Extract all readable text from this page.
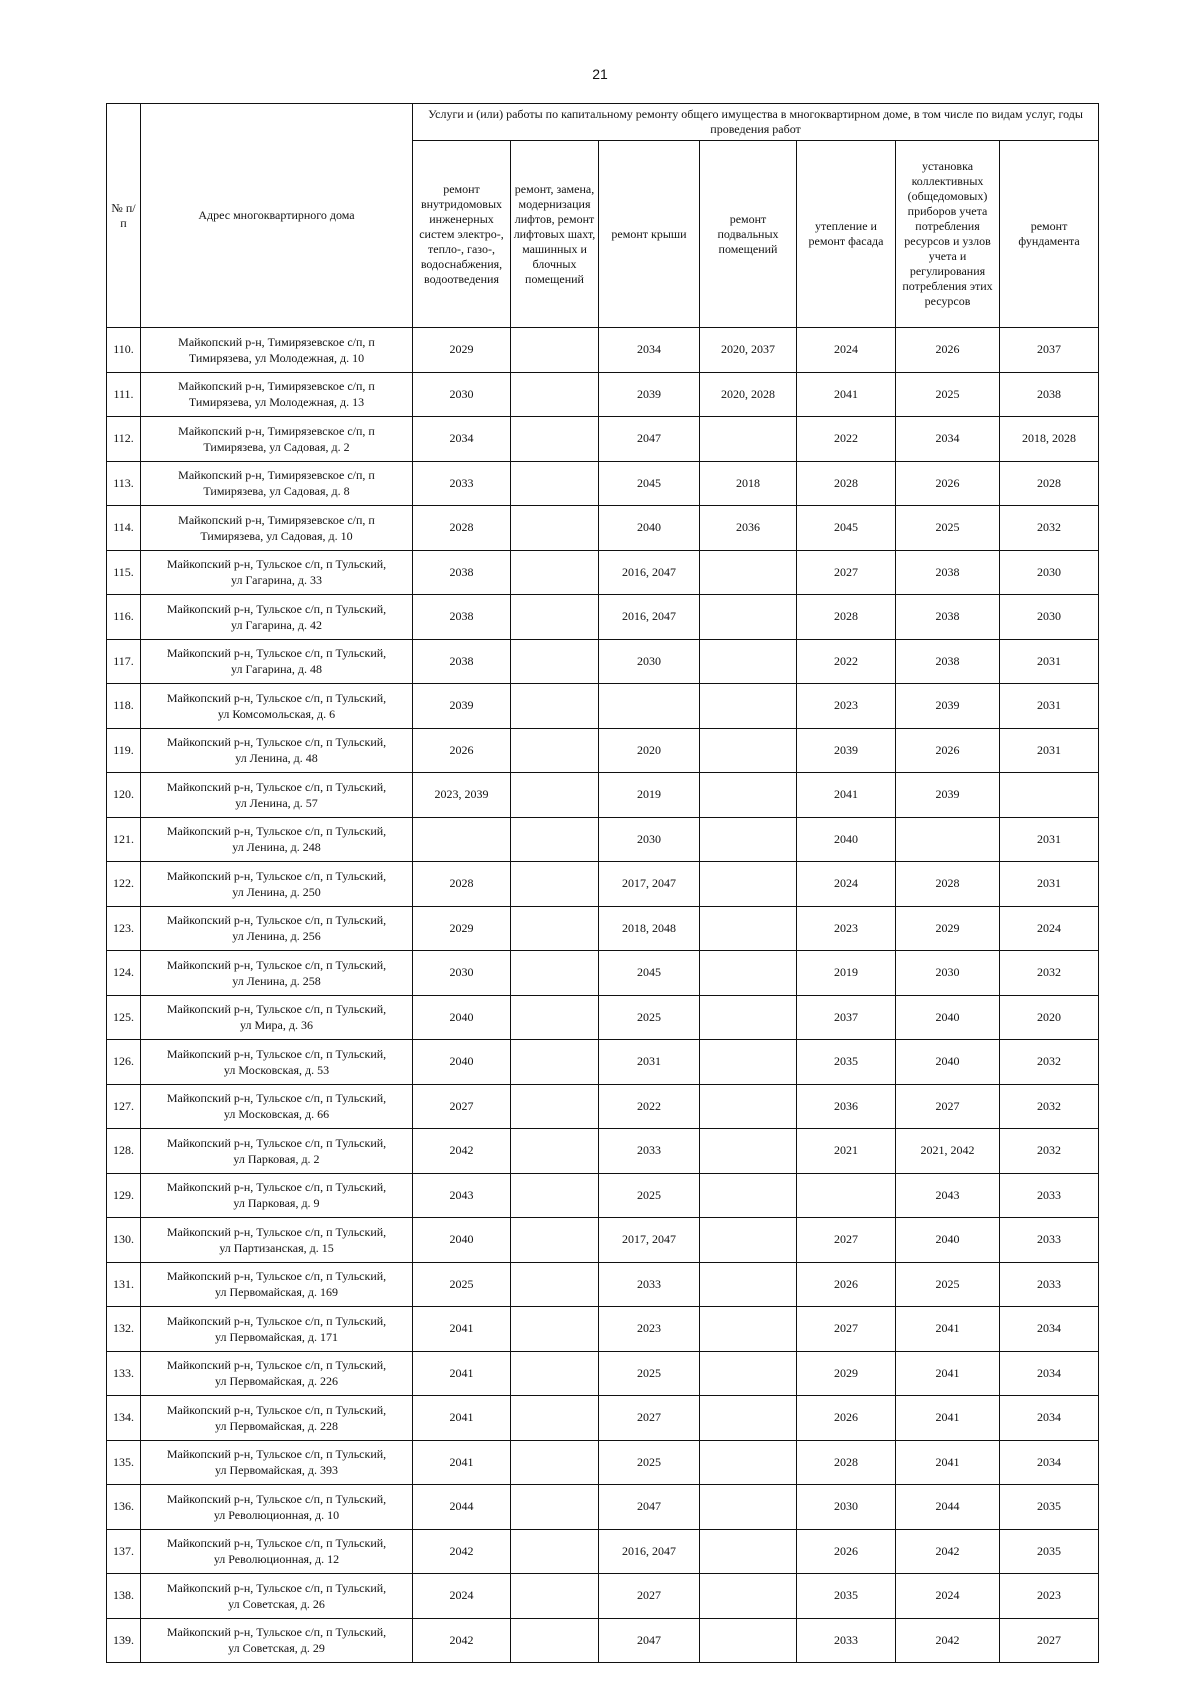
21
№ п/п	Адрес многоквартирного дома	Услуги и (или) работы по капитальному ремонту общего имущества в многоквартирном доме, в том числе по видам услуг, годы проведения работ						
		ремонт внутридомовых инженерных систем электро-, тепло-, газо-, водоснабжения, водоотведения	ремонт, замена, модернизация лифтов, ремонт лифтовых шахт, машинных и блочных помещений	ремонт крыши	ремонт подвальных помещений	утепление и ремонт фасада	установка коллективных (общедомовых) приборов учета потребления ресурсов и узлов учета и регулирования потребления этих ресурсов	ремонт фундамента
110.	Майкопский р-н, Тимирязевское с/п, п
Тимирязева, ул Молодежная, д. 10	2029		2034	2020, 2037	2024	2026	2037
111.	Майкопский р-н, Тимирязевское с/п, п
Тимирязева, ул Молодежная, д. 13	2030		2039	2020, 2028	2041	2025	2038
112.	Майкопский р-н, Тимирязевское с/п, п
Тимирязева, ул Садовая, д. 2	2034		2047		2022	2034	2018, 2028
113.	Майкопский р-н, Тимирязевское с/п, п
Тимирязева, ул Садовая, д. 8	2033		2045	2018	2028	2026	2028
114.	Майкопский р-н, Тимирязевское с/п, п
Тимирязева, ул Садовая, д. 10	2028		2040	2036	2045	2025	2032
115.	Майкопский р-н, Тульское с/п, п Тульский,
ул Гагарина, д. 33	2038		2016, 2047		2027	2038	2030
116.	Майкопский р-н, Тульское с/п, п Тульский,
ул Гагарина, д. 42	2038		2016, 2047		2028	2038	2030
117.	Майкопский р-н, Тульское с/п, п Тульский,
ул Гагарина, д. 48	2038		2030		2022	2038	2031
118.	Майкопский р-н, Тульское с/п, п Тульский,
ул Комсомольская, д. 6	2039				2023	2039	2031
119.	Майкопский р-н, Тульское с/п, п Тульский,
ул Ленина, д. 48	2026		2020		2039	2026	2031
120.	Майкопский р-н, Тульское с/п, п Тульский,
ул Ленина, д. 57	2023, 2039		2019		2041	2039	
121.	Майкопский р-н, Тульское с/п, п Тульский,
ул Ленина, д. 248			2030		2040		2031
122.	Майкопский р-н, Тульское с/п, п Тульский,
ул Ленина, д. 250	2028		2017, 2047		2024	2028	2031
123.	Майкопский р-н, Тульское с/п, п Тульский,
ул Ленина, д. 256	2029		2018, 2048		2023	2029	2024
124.	Майкопский р-н, Тульское с/п, п Тульский,
ул Ленина, д. 258	2030		2045		2019	2030	2032
125.	Майкопский р-н, Тульское с/п, п Тульский,
ул Мира, д. 36	2040		2025		2037	2040	2020
126.	Майкопский р-н, Тульское с/п, п Тульский,
ул Московская, д. 53	2040		2031		2035	2040	2032
127.	Майкопский р-н, Тульское с/п, п Тульский,
ул Московская, д. 66	2027		2022		2036	2027	2032
128.	Майкопский р-н, Тульское с/п, п Тульский,
ул Парковая, д. 2	2042		2033		2021	2021, 2042	2032
129.	Майкопский р-н, Тульское с/п, п Тульский,
ул Парковая, д. 9	2043		2025			2043	2033
130.	Майкопский р-н, Тульское с/п, п Тульский,
ул Партизанская, д. 15	2040		2017, 2047		2027	2040	2033
131.	Майкопский р-н, Тульское с/п, п Тульский,
ул Первомайская, д. 169	2025		2033		2026	2025	2033
132.	Майкопский р-н, Тульское с/п, п Тульский,
ул Первомайская, д. 171	2041		2023		2027	2041	2034
133.	Майкопский р-н, Тульское с/п, п Тульский,
ул Первомайская, д. 226	2041		2025		2029	2041	2034
134.	Майкопский р-н, Тульское с/п, п Тульский,
ул Первомайская, д. 228	2041		2027		2026	2041	2034
135.	Майкопский р-н, Тульское с/п, п Тульский,
ул Первомайская, д. 393	2041		2025		2028	2041	2034
136.	Майкопский р-н, Тульское с/п, п Тульский,
ул Революционная, д. 10	2044		2047		2030	2044	2035
137.	Майкопский р-н, Тульское с/п, п Тульский,
ул Революционная, д. 12	2042		2016, 2047		2026	2042	2035
138.	Майкопский р-н, Тульское с/п, п Тульский,
ул Советская, д. 26	2024		2027		2035	2024	2023
139.	Майкопский р-н, Тульское с/п, п Тульский,
ул Советская, д. 29	2042		2047		2033	2042	2027
